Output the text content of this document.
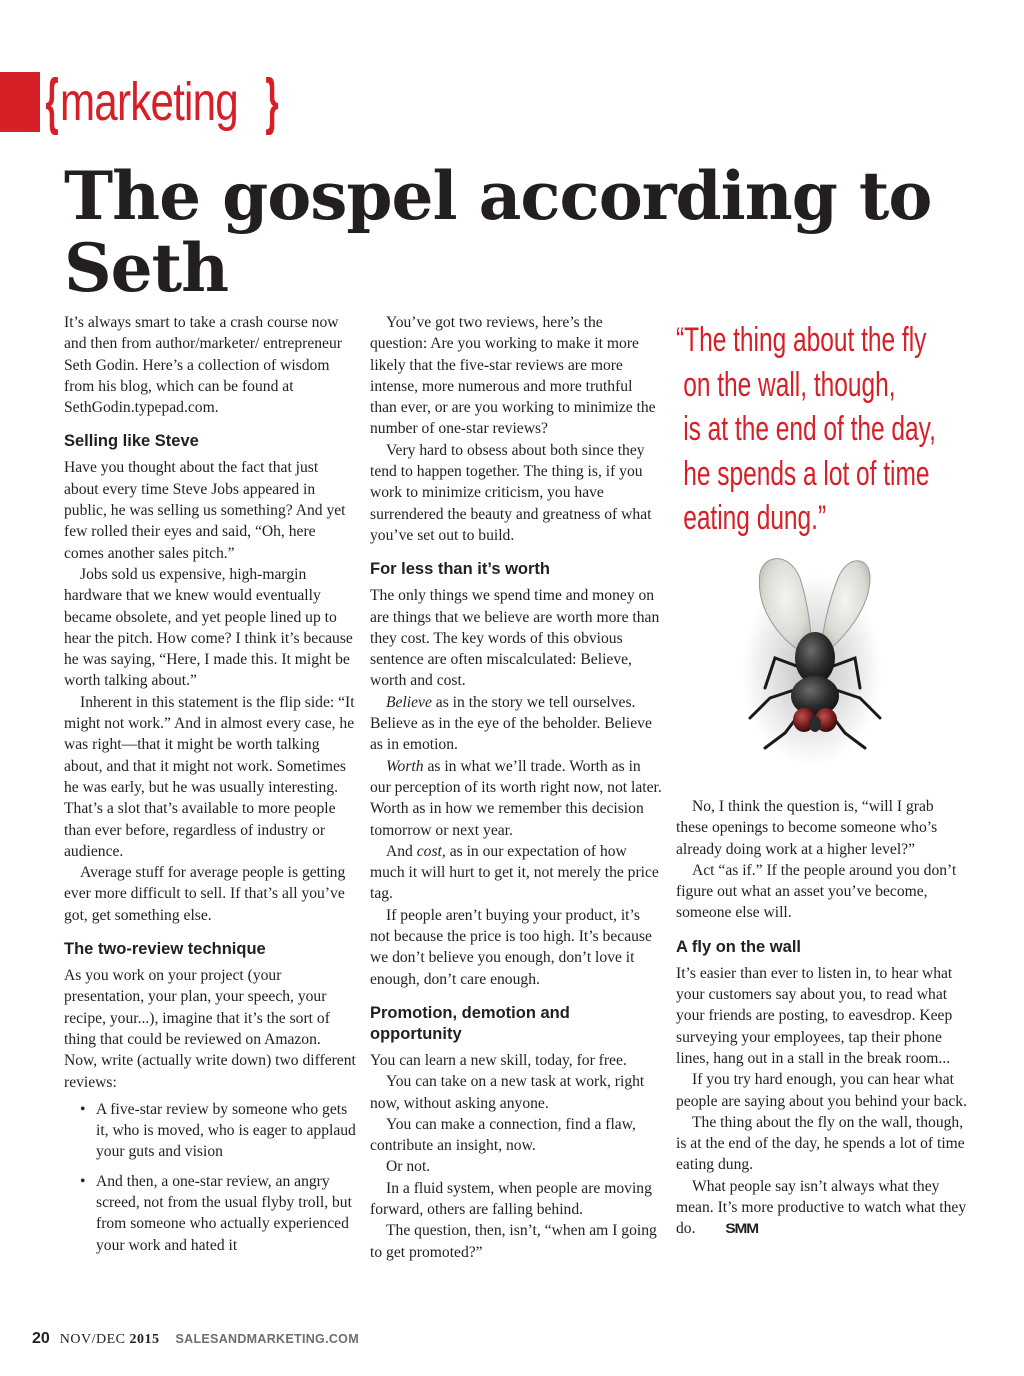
{ marketing }
The gospel according to Seth

It’s always smart to take a crash course now and then from author/marketer/ entrepreneur Seth Godin. Here’s a collection of wisdom from his blog, which can be found at SethGodin.typepad.com.

Selling like Steve

Have you thought about the fact that just about every time Steve Jobs appeared in public, he was selling us something? And yet few rolled their eyes and said, “Oh, here comes another sales pitch.”

Jobs sold us expensive, high-margin hardware that we knew would eventually became obsolete, and yet people lined up to hear the pitch. How come? I think it’s because he was saying, “Here, I made this. It might be worth talking about.”

Inherent in this statement is the flip side: “It might not work.” And in almost every case, he was right—that it might be worth talking about, and that it might not work. Sometimes he was early, but he was usually interesting. That’s a slot that’s available to more people than ever before, regardless of industry or audience.

Average stuff for average people is getting ever more difficult to sell. If that’s all you’ve got, get something else.

The two-review technique

As you work on your project (your presentation, your plan, your speech, your recipe, your...), imagine that it’s the sort of thing that could be reviewed on Amazon. Now, write (actually write down) two different reviews:

• A five-star review by someone who gets it, who is moved, who is eager to applaud your guts and vision
• And then, a one-star review, an angry screed, not from the usual flyby troll, but from someone who actually experienced your work and hated it

You’ve got two reviews, here’s the question: Are you working to make it more likely that the five-star reviews are more intense, more numerous and more truthful than ever, or are you working to minimize the number of one-star reviews?

Very hard to obsess about both since they tend to happen together. The thing is, if you work to minimize criticism, you have surrendered the beauty and greatness of what you’ve set out to build.

For less than it’s worth

The only things we spend time and money on are things that we believe are worth more than they cost. The key words of this obvious sentence are often miscalculated: Believe, worth and cost.

Believe as in the story we tell ourselves. Believe as in the eye of the beholder. Believe as in emotion.

Worth as in what we’ll trade. Worth as in our perception of its worth right now, not later. Worth as in how we remember this decision tomorrow or next year.

And cost, as in our expectation of how much it will hurt to get it, not merely the price tag.

If people aren’t buying your product, it’s not because the price is too high. It’s because we don’t believe you enough, don’t love it enough, don’t care enough.

Promotion, demotion and opportunity

You can learn a new skill, today, for free.

You can take on a new task at work, right now, without asking anyone.

You can make a connection, find a flaw, contribute an insight, now.

Or not.

In a fluid system, when people are moving forward, others are falling behind.

The question, then, isn’t, “when am I going to get promoted?”

“The thing about the fly
on the wall, though,
is at the end of the day,
he spends a lot of time
eating dung.”

No, I think the question is, “will I grab these openings to become someone who’s already doing work at a higher level?”

Act “as if.” If the people around you don’t figure out what an asset you’ve become, someone else will.

A fly on the wall

It’s easier than ever to listen in, to hear what your customers say about you, to read what your friends are posting, to eavesdrop. Keep surveying your employees, tap their phone lines, hang out in a stall in the break room...

If you try hard enough, you can hear what people are saying about you behind your back.

The thing about the fly on the wall, though, is at the end of the day, he spends a lot of time eating dung.

What people say isn’t always what they mean. It’s more productive to watch what they do. SMM

20 NOV/DEC 2015 SALESANDMARKETING.COM
